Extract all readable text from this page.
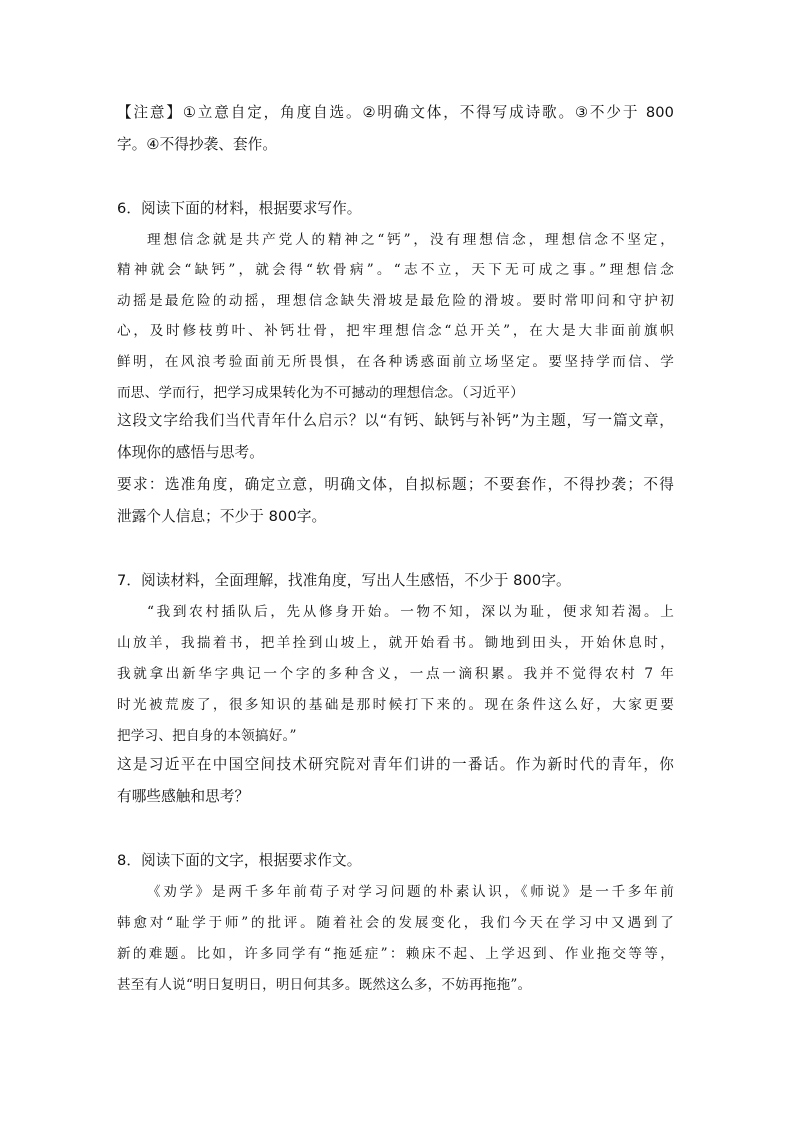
【注意】①立意自定，角度自选。②明确文体，不得写成诗歌。③不少于 800
字。④不得抄袭、套作。
6．阅读下面的材料，根据要求写作。
理想信念就是共产党人的精神之“钙”，没有理想信念，理想信念不坚定，
精神就会“缺钙”，就会得“软骨病”。“志不立，天下无可成之事。”理想信念
动摇是最危险的动摇，理想信念缺失滑坡是最危险的滑坡。要时常叩问和守护初
心，及时修枝剪叶、补钙壮骨，把牢理想信念“总开关”，在大是大非面前旗帜
鲜明，在风浪考验面前无所畏惧，在各种诱惑面前立场坚定。要坚持学而信、学
而思、学而行，把学习成果转化为不可撼动的理想信念。（习近平）
这段文字给我们当代青年什么启示？以“有钙、缺钙与补钙”为主题，写一篇文章，
体现你的感悟与思考。
要求：选准角度，确定立意，明确文体，自拟标题；不要套作，不得抄袭；不得
泄露个人信息；不少于 800字。
7．阅读材料，全面理解，找准角度，写出人生感悟，不少于 800字。
“我到农村插队后，先从修身开始。一物不知，深以为耻，便求知若渴。上
山放羊，我揣着书，把羊拴到山坡上，就开始看书。锄地到田头，开始休息时，
我就拿出新华字典记一个字的多种含义，一点一滴积累。我并不觉得农村 7 年
时光被荒废了，很多知识的基础是那时候打下来的。现在条件这么好，大家更要
把学习、把自身的本领搞好。”
这是习近平在中国空间技术研究院对青年们讲的一番话。作为新时代的青年，你
有哪些感触和思考？
8．阅读下面的文字，根据要求作文。
《劝学》是两千多年前荀子对学习问题的朴素认识，《师说》是一千多年前
韩愈对“耻学于师”的批评。随着社会的发展变化，我们今天在学习中又遇到了
新的难题。比如，许多同学有“拖延症”：赖床不起、上学迟到、作业拖交等等，
甚至有人说“明日复明日，明日何其多。既然这么多，不妨再拖拖”。
